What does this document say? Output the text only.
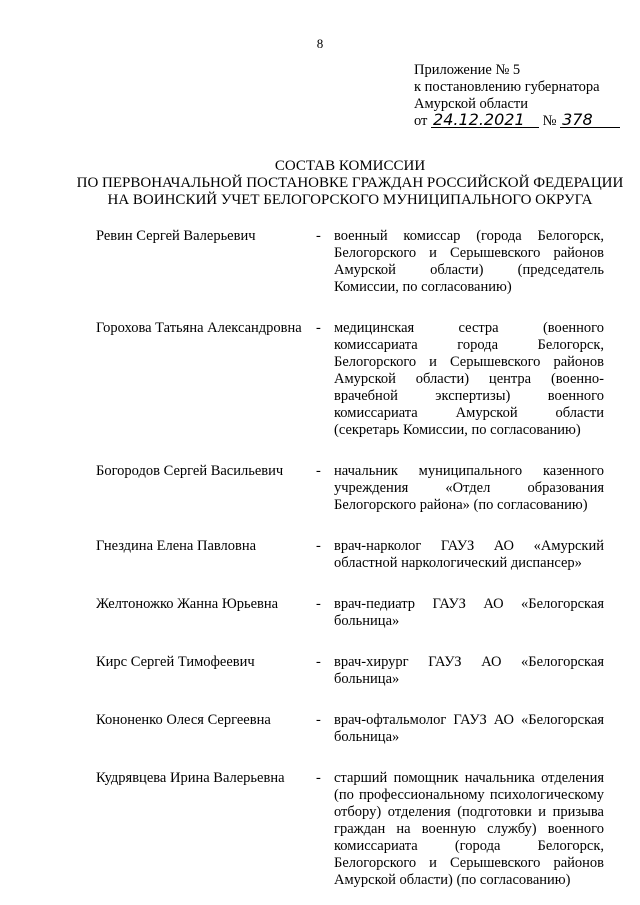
8
Приложение № 5
к постановлению губернатора
Амурской области
от 24.12.2021 № 378
СОСТАВ КОМИССИИ
ПО ПЕРВОНАЧАЛЬНОЙ ПОСТАНОВКЕ ГРАЖДАН РОССИЙСКОЙ ФЕДЕРАЦИИ
НА ВОИНСКИЙ УЧЕТ БЕЛОГОРСКОГО МУНИЦИПАЛЬНОГО ОКРУГА
Ревин Сергей Валерьевич	- военный комиссар (города Белогорск, Белогорского и Серышевского районов Амурской области) (председатель Комиссии, по согласованию)
Горохова Татьяна Александровна - медицинская сестра (военного комиссариата города Белогорск, Белогорского и Серышевского районов Амурской области) центра (военно-врачебной экспертизы) военного комиссариата Амурской области (секретарь Комиссии, по согласованию)
Богородов Сергей Васильевич	- начальник муниципального казенного учреждения «Отдел образования Белогорского района» (по согласованию)
Гнездина Елена Павловна	- врач-нарколог ГАУЗ АО «Амурский областной наркологический диспансер»
Желтоножко Жанна Юрьевна	- врач-педиатр ГАУЗ АО «Белогорская больница»
Кирс Сергей Тимофеевич	- врач-хирург ГАУЗ АО «Белогорская больница»
Кононенко Олеся Сергеевна	- врач-офтальмолог ГАУЗ АО «Белогорская больница»
Кудрявцева Ирина Валерьевна	- старший помощник начальника отделения (по профессиональному психологическому отбору) отделения (подготовки и призыва граждан на военную службу) военного комиссариата (города Белогорск, Белогорского и Серышевского районов Амурской области) (по согласованию)
